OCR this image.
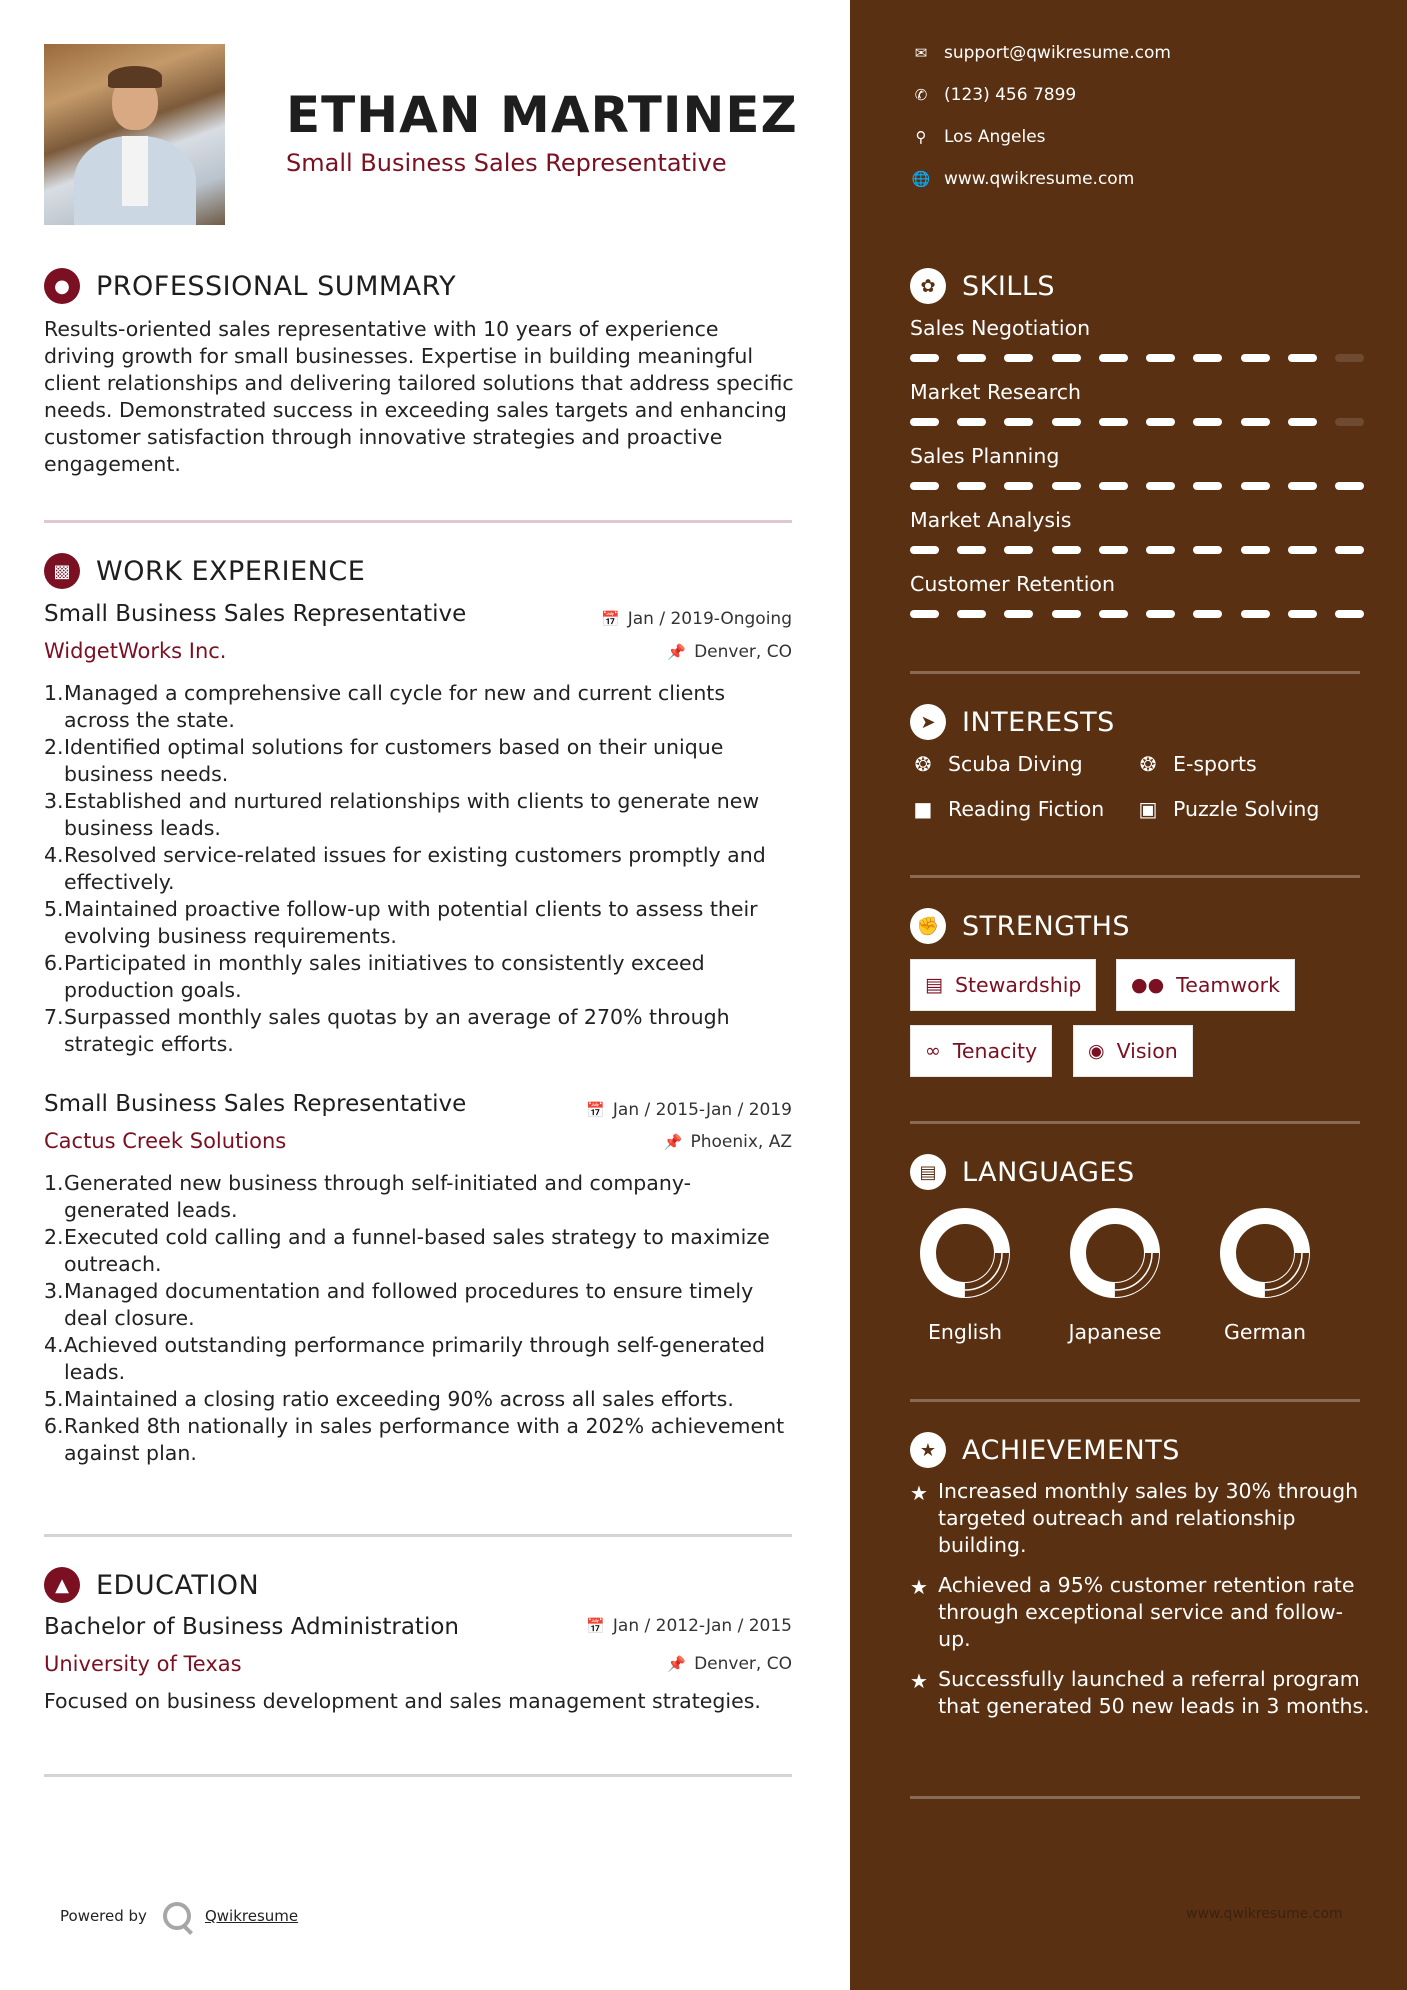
ETHAN MARTINEZ
Small Business Sales Representative
● PROFESSIONAL SUMMARY
Results-oriented sales representative with 10 years of experience driving growth for small businesses. Expertise in building meaningful client relationships and delivering tailored solutions that address specific needs. Demonstrated success in exceeding sales targets and enhancing customer satisfaction through innovative strategies and proactive engagement.
▩ WORK EXPERIENCE
Small Business Sales Representative	📅 Jan / 2019-Ongoing
WidgetWorks Inc.	📌 Denver, CO
1. Managed a comprehensive call cycle for new and current clients across the state.
2. Identified optimal solutions for customers based on their unique business needs.
3. Established and nurtured relationships with clients to generate new business leads.
4. Resolved service-related issues for existing customers promptly and effectively.
5. Maintained proactive follow-up with potential clients to assess their evolving business requirements.
6. Participated in monthly sales initiatives to consistently exceed production goals.
7. Surpassed monthly sales quotas by an average of 270% through strategic efforts.
Small Business Sales Representative	📅 Jan / 2015-Jan / 2019
Cactus Creek Solutions	📌 Phoenix, AZ
1. Generated new business through self-initiated and company-generated leads.
2. Executed cold calling and a funnel-based sales strategy to maximize outreach.
3. Managed documentation and followed procedures to ensure timely deal closure.
4. Achieved outstanding performance primarily through self-generated leads.
5. Maintained a closing ratio exceeding 90% across all sales efforts.
6. Ranked 8th nationally in sales performance with a 202% achievement against plan.
▲	EDUCATION
Bachelor of Business Administration	📅 Jan / 2012-Jan / 2015
University of Texas	📌 Denver, CO
Focused on business development and sales management strategies.
Powered by	Qwikresume
✉ support@qwikresume.com
✆ (123) 456 7899
⚲	Los Angeles
🌐 www.qwikresume.com
✿ SKILLS
Sales Negotiation
Market Research
Sales Planning
Market Analysis
Customer Retention
➤ INTERESTS
❂ Scuba Diving	❂ E-sports
■ Reading Fiction ▣ Puzzle Solving
✊ STRENGTHS
▤ Stewardship	●● Teamwork
∞ Tenacity	◉ Vision
▤ LANGUAGES
English	Japanese	German
★ ACHIEVEMENTS
★ Increased monthly sales by 30% through targeted outreach and relationship building.
★ Achieved a 95% customer retention rate through exceptional service and follow-up.
★ Successfully launched a referral program that generated 50 new leads in 3 months.
www.qwikresume.com
